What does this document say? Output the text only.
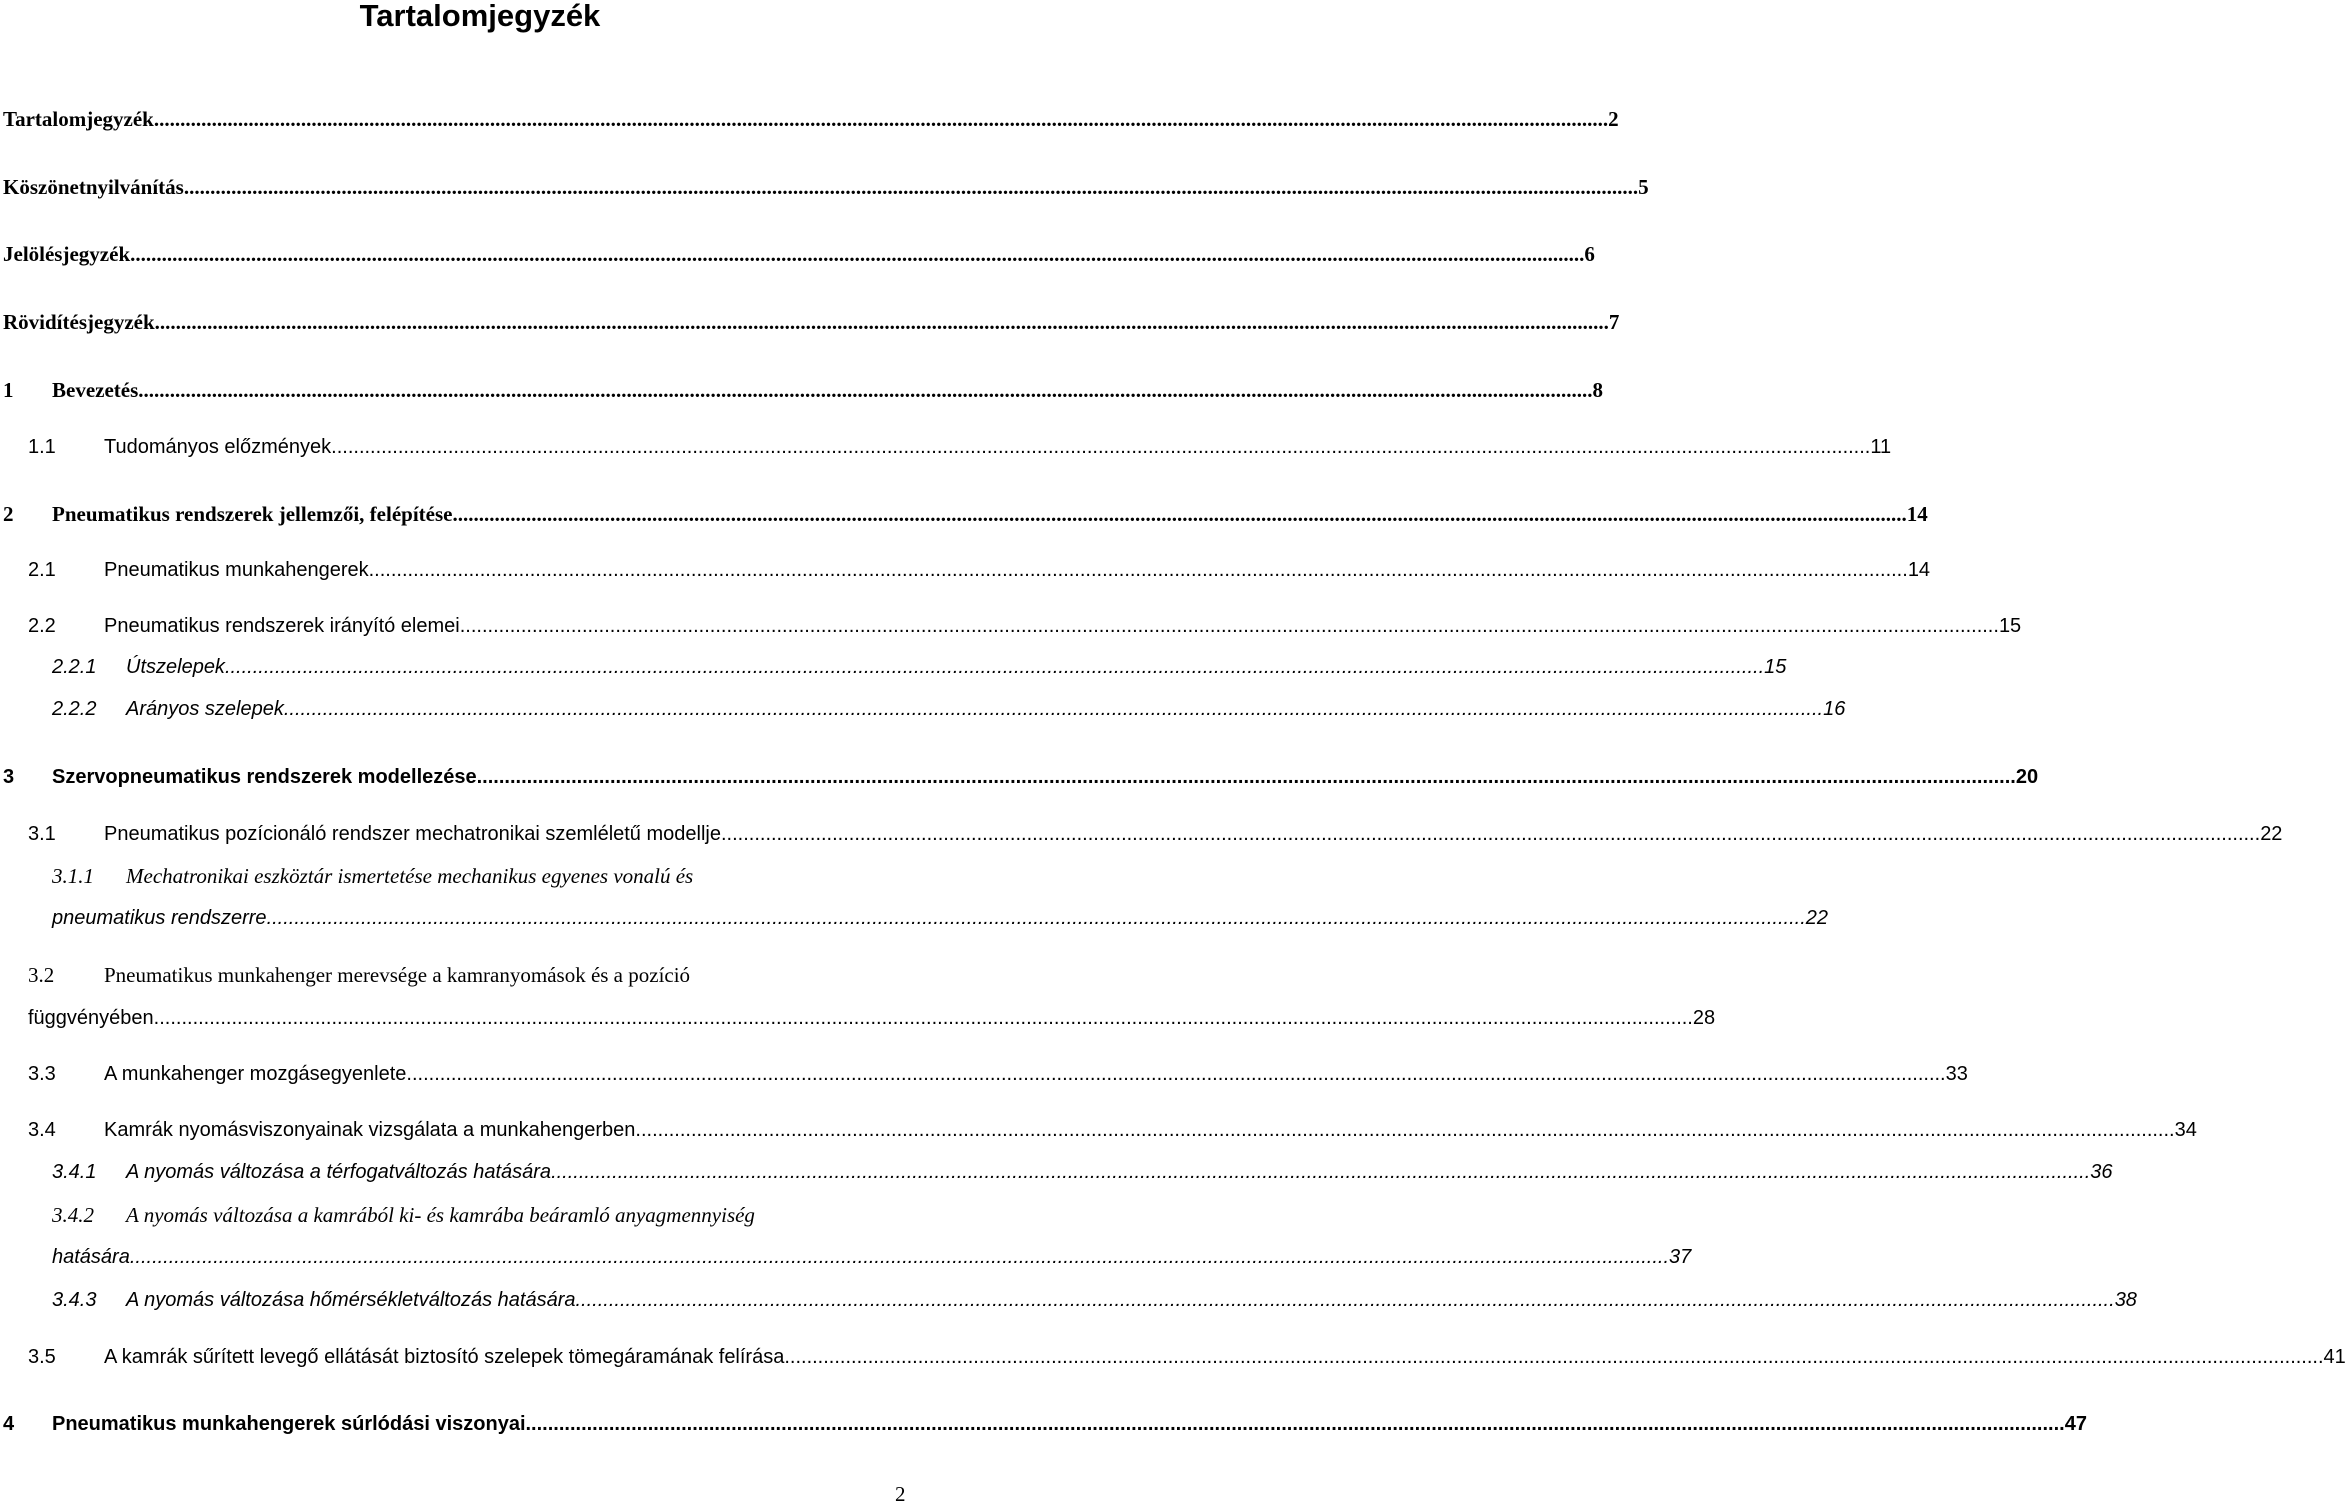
Tartalomjegyzék
Tartalomjegyzék .....	2
Köszönetnyilvánítás .....	5
Jelölésjegyzék .....	6
Rövidítésjegyzék .....	7
1	Bevezetés .....	8
1.1	Tudományos előzmények .....	11
2	Pneumatikus rendszerek jellemzői, felépítése .....	14
2.1	Pneumatikus munkahengerek .....	14
2.2	Pneumatikus rendszerek irányító elemei .....	15
2.2.1	Útszelepek .....	15
2.2.2	Arányos szelepek .....	16
3	Szervopneumatikus rendszerek modellezése .....	20
3.1	Pneumatikus pozícionáló rendszer mechatronikai szemléletű modellje .....	22
3.1.1 Mechatronikai eszköztár ismertetése mechanikus egyenes vonalú és
pneumatikus rendszerre .....	22
3.2 Pneumatikus munkahenger merevsége a kamranyomások és a pozíció
függvényében .....	28
3.3	A munkahenger mozgásegyenlete .....	33
3.4	Kamrák nyomásviszonyainak vizsgálata a munkahengerben .....	34
3.4.1	A nyomás változása a térfogatváltozás hatására .....	36
3.4.2 A nyomás változása a kamrából ki- és kamrába beáramló anyagmennyiség
hatására .....	37
3.4.3	A nyomás változása hőmérsékletváltozás hatására .....	38
3.5	A kamrák sűrített levegő ellátását biztosító szelepek tömegáramának felírása .....	41
4	Pneumatikus munkahengerek súrlódási viszonyai .....	47
2
